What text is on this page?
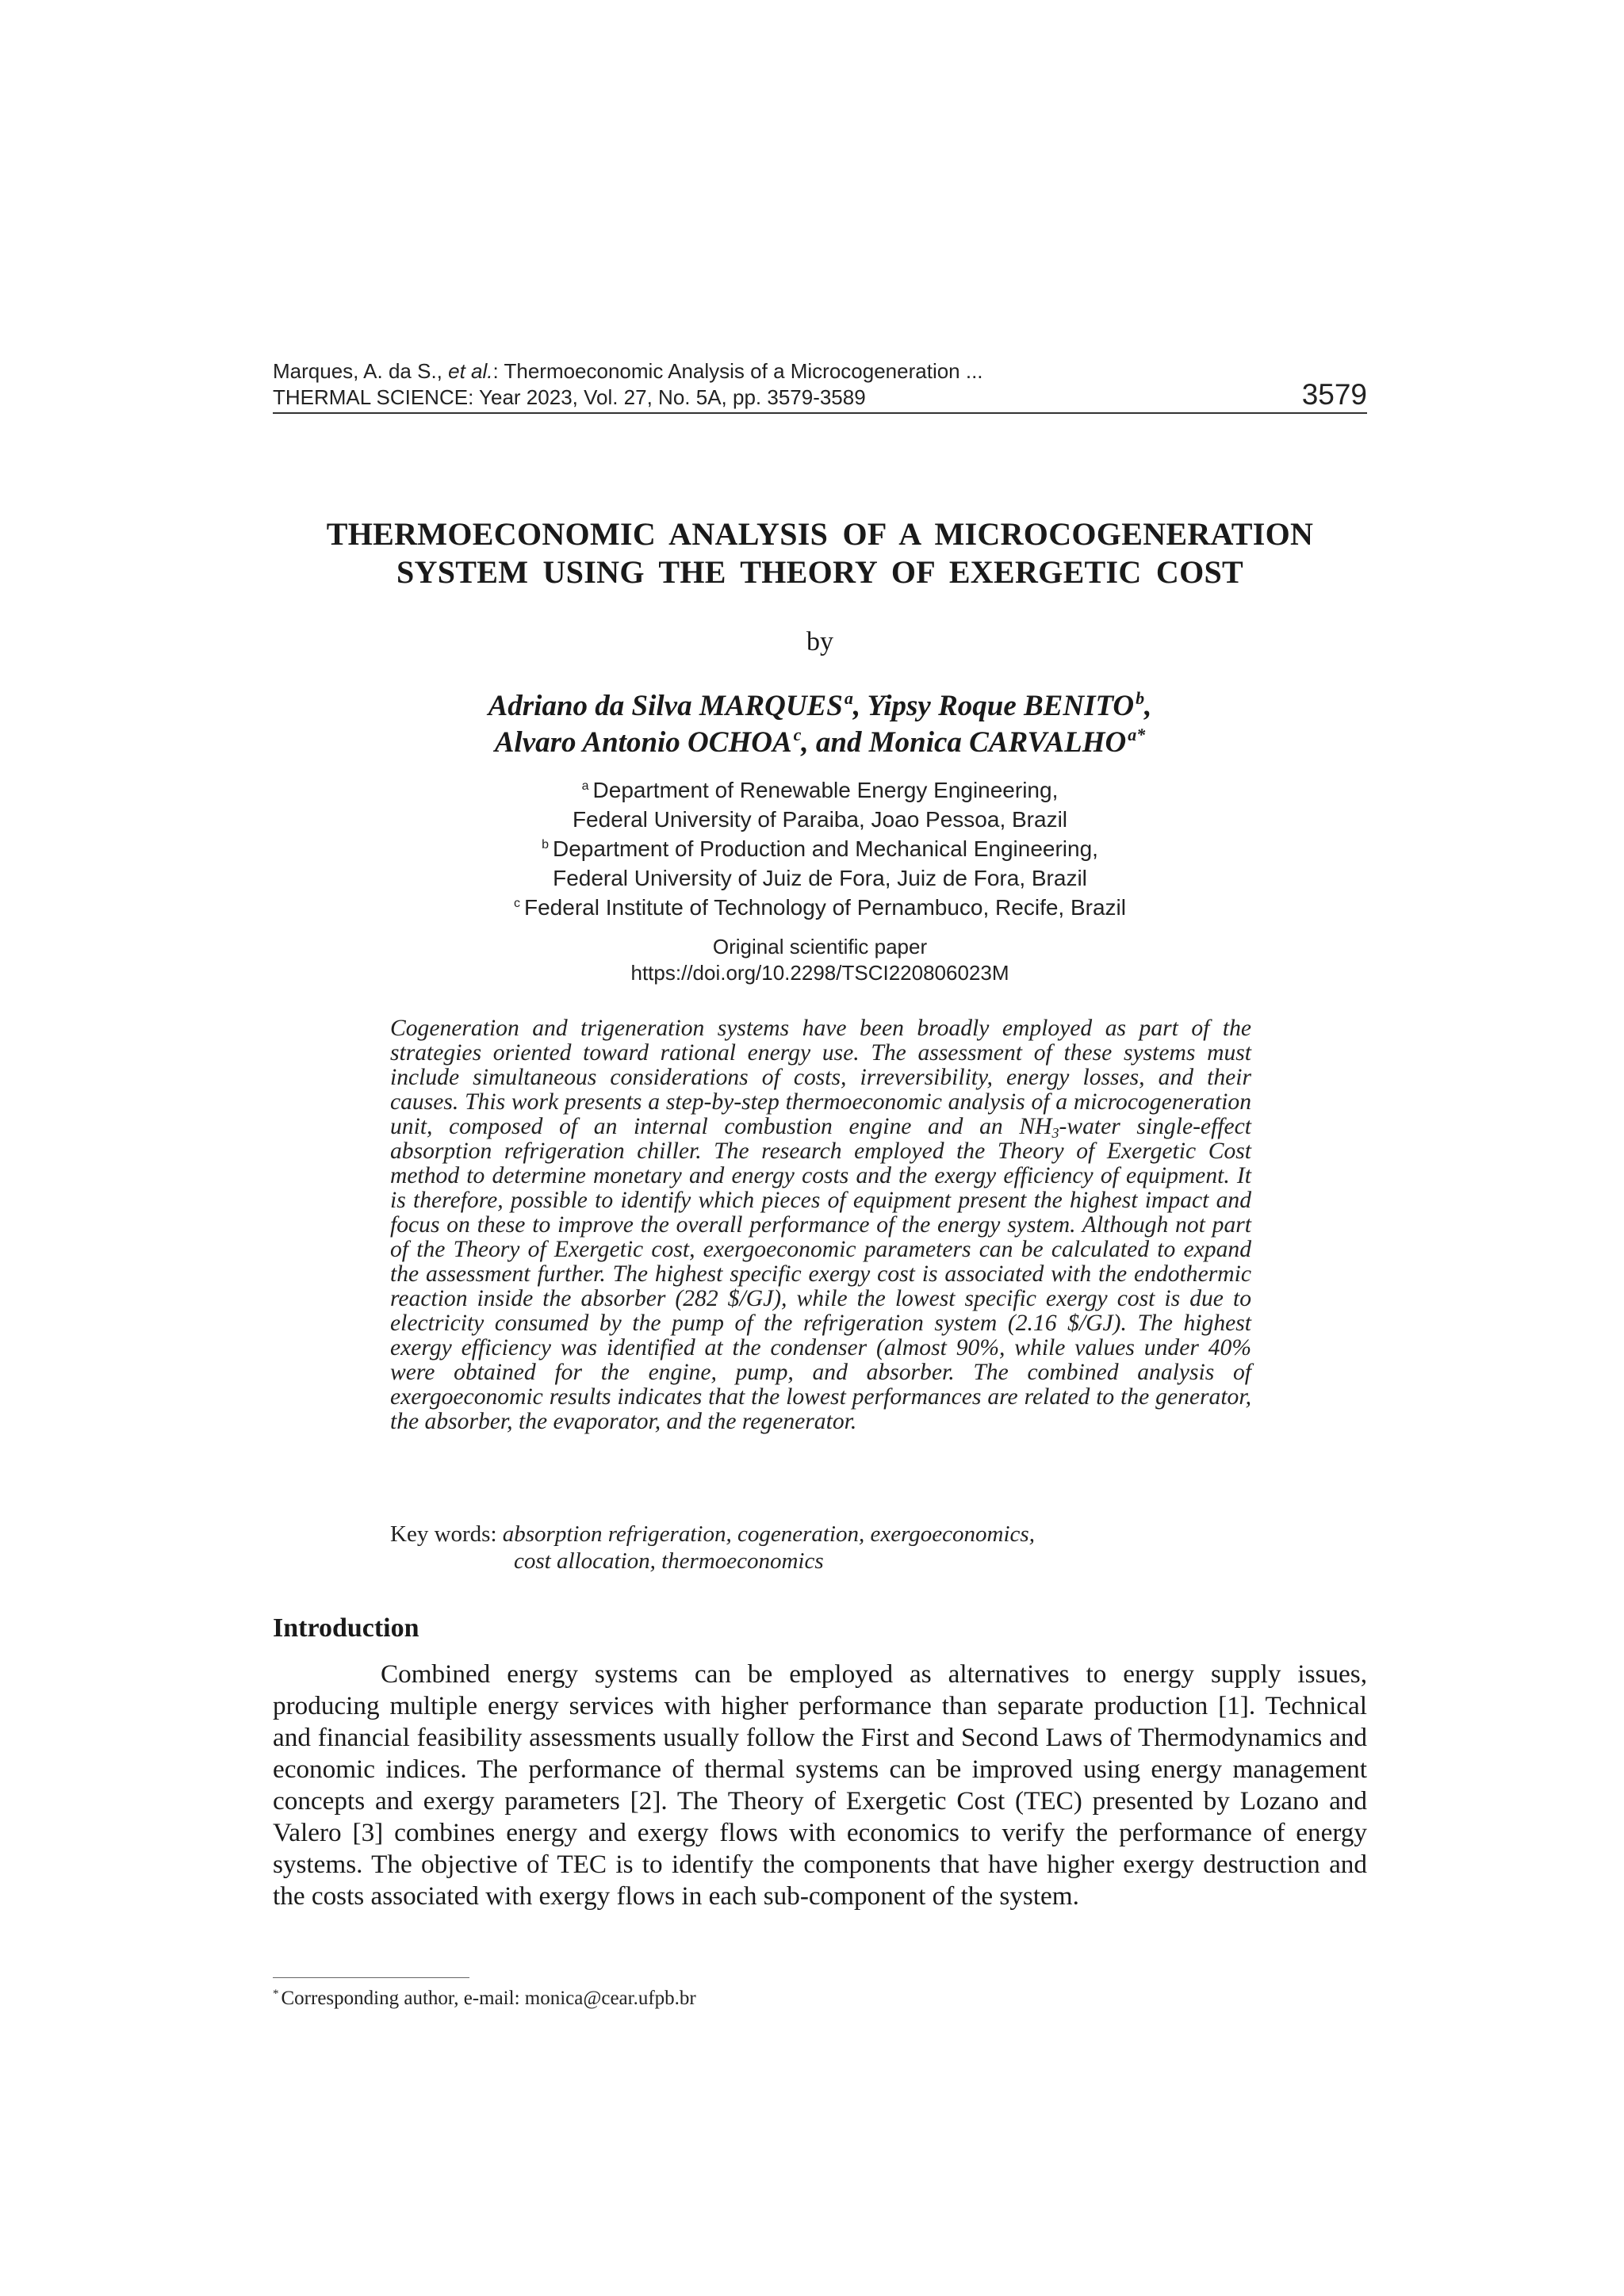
Marques, A. da S., et al.: Thermoeconomic Analysis of a Microcogeneration ...
THERMAL SCIENCE: Year 2023, Vol. 27, No. 5A, pp. 3579-3589	3579
THERMOECONOMIC ANALYSIS OF A MICROCOGENERATION
SYSTEM USING THE THEORY OF EXERGETIC COST
by
Adriano da Silva MARQUES$^a$, Yipsy Roque BENITO$^b$,
Alvaro Antonio OCHOA$^c$, and Monica $CARVALHO^{a*}$
$^a$ Department of Renewable Energy Engineering,
Federal University of Paraiba, Joao Pessoa, Brazil
$^b$ Department of Production and Mechanical Engineering,
Federal University of Juiz de Fora, Juiz de Fora, Brazil
$^c$ Federal Institute of Technology of Pernambuco, Recife, Brazil
Original scientific paper
https://doi.org/10.2298/TSCI220806023M

Cogeneration and trigeneration systems have been broadly employed as part of the strategies oriented toward rational energy use. The assessment of these systems must include simultaneous considerations of costs, irreversibility, energy losses, and their causes. This work presents a step-by-step thermoeconomic analysis of a microcogeneration unit, composed of an internal combustion engine and an $NH_3$-water single-effect absorption refrigeration chiller. The research employed the Theory of Exergetic Cost method to determine monetary and energy costs and the exergy efficiency of equipment. It is therefore, possible to identify which pieces of equipment present the highest impact and focus on these to improve the overall performance of the energy system. Although not part of the Theory of Exergetic cost, exergoeconomic parameters can be calculated to expand the assessment further. The highest specific exergy cost is associated with the endothermic reaction inside the absorber (282 $/GJ), while the lowest specific exergy cost is due to electricity consumed by the pump of the refrigeration system (2.16 $/GJ). The highest exergy efficiency was identified at the condenser (almost 90%, while values under 40% were obtained for the engine, pump, and absorber. The combined analysis of exergoeconomic results indicates that the lowest performances are related to the generator, the absorber, the evaporator, and the regenerator.

Key words: absorption refrigeration, cogeneration, exergoeconomics,
cost allocation, thermoeconomics
Introduction

Combined energy systems can be employed as alternatives to energy supply issues, producing multiple energy services with higher performance than separate production [1]. Technical and financial feasibility assessments usually follow the First and Second Laws of Thermodynamics and economic indices. The performance of thermal systems can be improved using energy management concepts and exergy parameters [2]. The Theory of Exergetic Cost (TEC) presented by Lozano and Valero [3] combines energy and exergy flows with economics to verify the performance of energy systems. The objective of TEC is to identify the components that have higher exergy destruction and the costs associated with exergy flows in each sub-component of the system.

* Corresponding author, e-mail: monica@cear.ufpb.br
